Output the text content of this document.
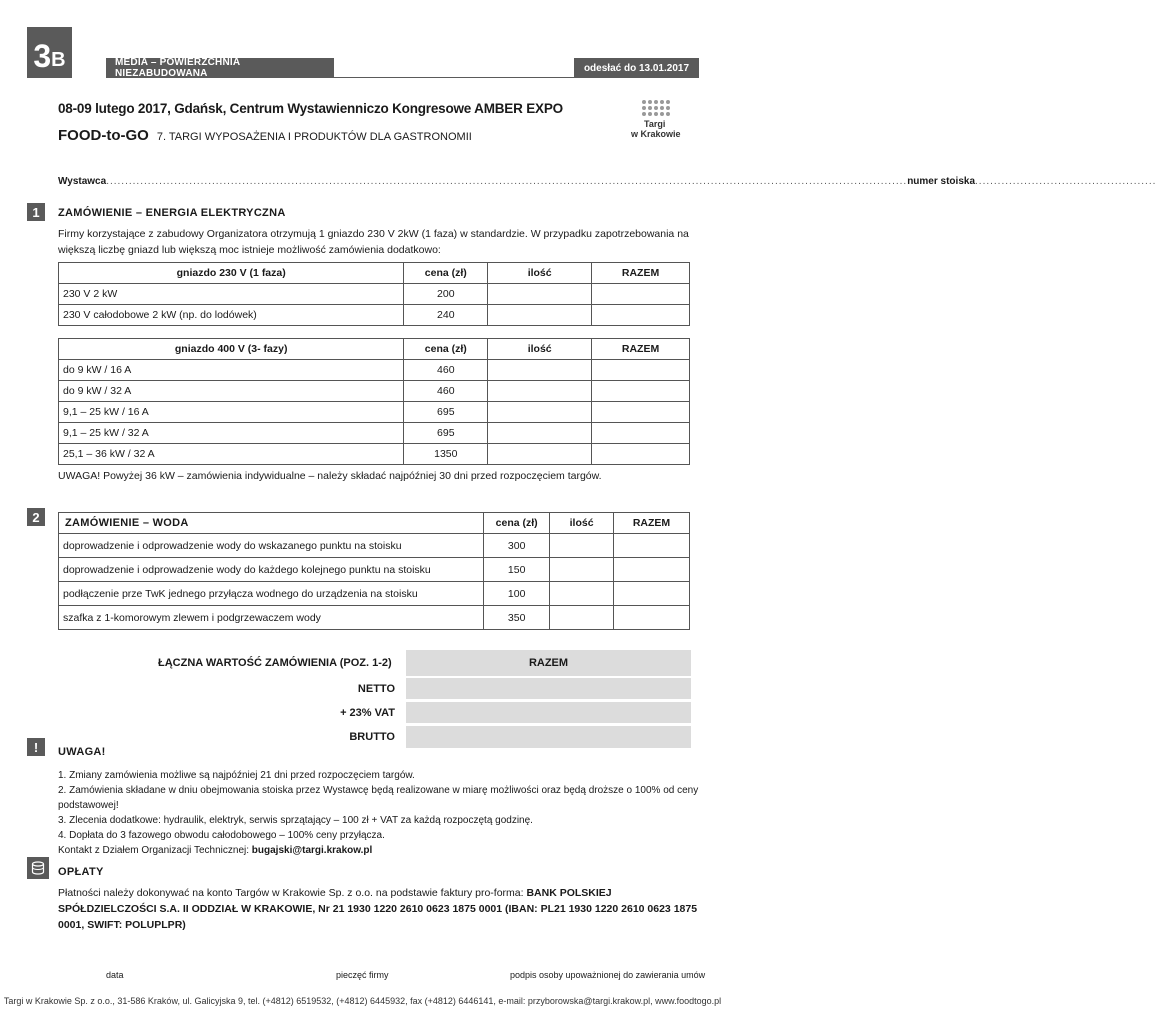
3 B	MEDIA – POWIERZCHNIA NIEZABUDOWANA	odesłać do 13.01.2017
08-09 lutego 2017, Gdańsk, Centrum Wystawienniczo Kongresowe AMBER EXPO
FOOD-to-GO 7. TARGI WYPOSAŻENIA I PRODUKTÓW DLA GASTRONOMII
Targi
w Krakowie
Wystawca .................................................................................................................................................................................................................... numer stoiska ................................................
1	ZAMÓWIENIE – ENERGIA ELEKTRYCZNA
Firmy korzystające z zabudowy Organizatora otrzymują 1 gniazdo 230 V 2kW (1 faza) w standardzie. W przypadku zapotrzebowania na większą liczbę gniazd lub większą moc istnieje możliwość zamówienia dodatkowo:
gniazdo 230 V (1 faza)	cena (zł)	ilość	RAZEM
230 V 2 kW	200		
230 V całodobowe 2 kW (np. do lodówek)	240		
gniazdo 400 V (3- fazy)	cena (zł)	ilość	RAZEM
do 9 kW / 16 A	460		
do 9 kW / 32 A	460		
9,1 – 25 kW / 16 A	695		
9,1 – 25 kW / 32 A	695		
25,1 – 36 kW / 32 A	1350		
UWAGA! Powyżej 36 kW – zamówienia indywidualne – należy składać najpóźniej 30 dni przed rozpoczęciem targów.
2	ZAMÓWIENIE – WODA	cena (zł)	ilość	RAZEM
doprowadzenie i odprowadzenie wody do wskazanego punktu na stoisku	300		
doprowadzenie i odprowadzenie wody do każdego kolejnego punktu na stoisku	150		
podłączenie prze TwK jednego przyłącza wodnego do urządzenia na stoisku	100		
szafka z 1-komorowym zlewem i podgrzewaczem wody	350		
ŁĄCZNA WARTOŚĆ ZAMÓWIENIA (POZ. 1-2)	RAZEM
NETTO
+ 23% VAT
BRUTTO
!	UWAGA!
1. Zmiany zamówienia możliwe są najpóźniej 21 dni przed rozpoczęciem targów.
2. Zamówienia składane w dniu obejmowania stoiska przez Wystawcę będą realizowane w miarę możliwości oraz będą droższe o 100% od ceny podstawowej!
3. Zlecenia dodatkowe: hydraulik, elektryk, serwis sprzątający – 100 zł + VAT za każdą rozpoczętą godzinę.
4. Dopłata do 3 fazowego obwodu całodobowego – 100% ceny przyłącza.
Kontakt z Działem Organizacji Technicznej: bugajski@targi.krakow.pl
OPŁATY
Płatności należy dokonywać na konto Targów w Krakowie Sp. z o.o. na podstawie faktury pro-forma: BANK POLSKIEJ SPÓŁDZIELCZOŚCI S.A. II ODDZIAŁ W KRAKOWIE, Nr 21 1930 1220 2610 0623 1875 0001 (IBAN: PL21 1930 1220 2610 0623 1875 0001, SWIFT: POLUPLPR)
data	pieczęć firmy	podpis osoby upoważnionej do zawierania umów
Targi w Krakowie Sp. z o.o., 31-586 Kraków, ul. Galicyjska 9, tel. (+4812) 6519532, (+4812) 6445932, fax (+4812) 6446141, e-mail: przyborowska@targi.krakow.pl, www.foodtogo.pl
